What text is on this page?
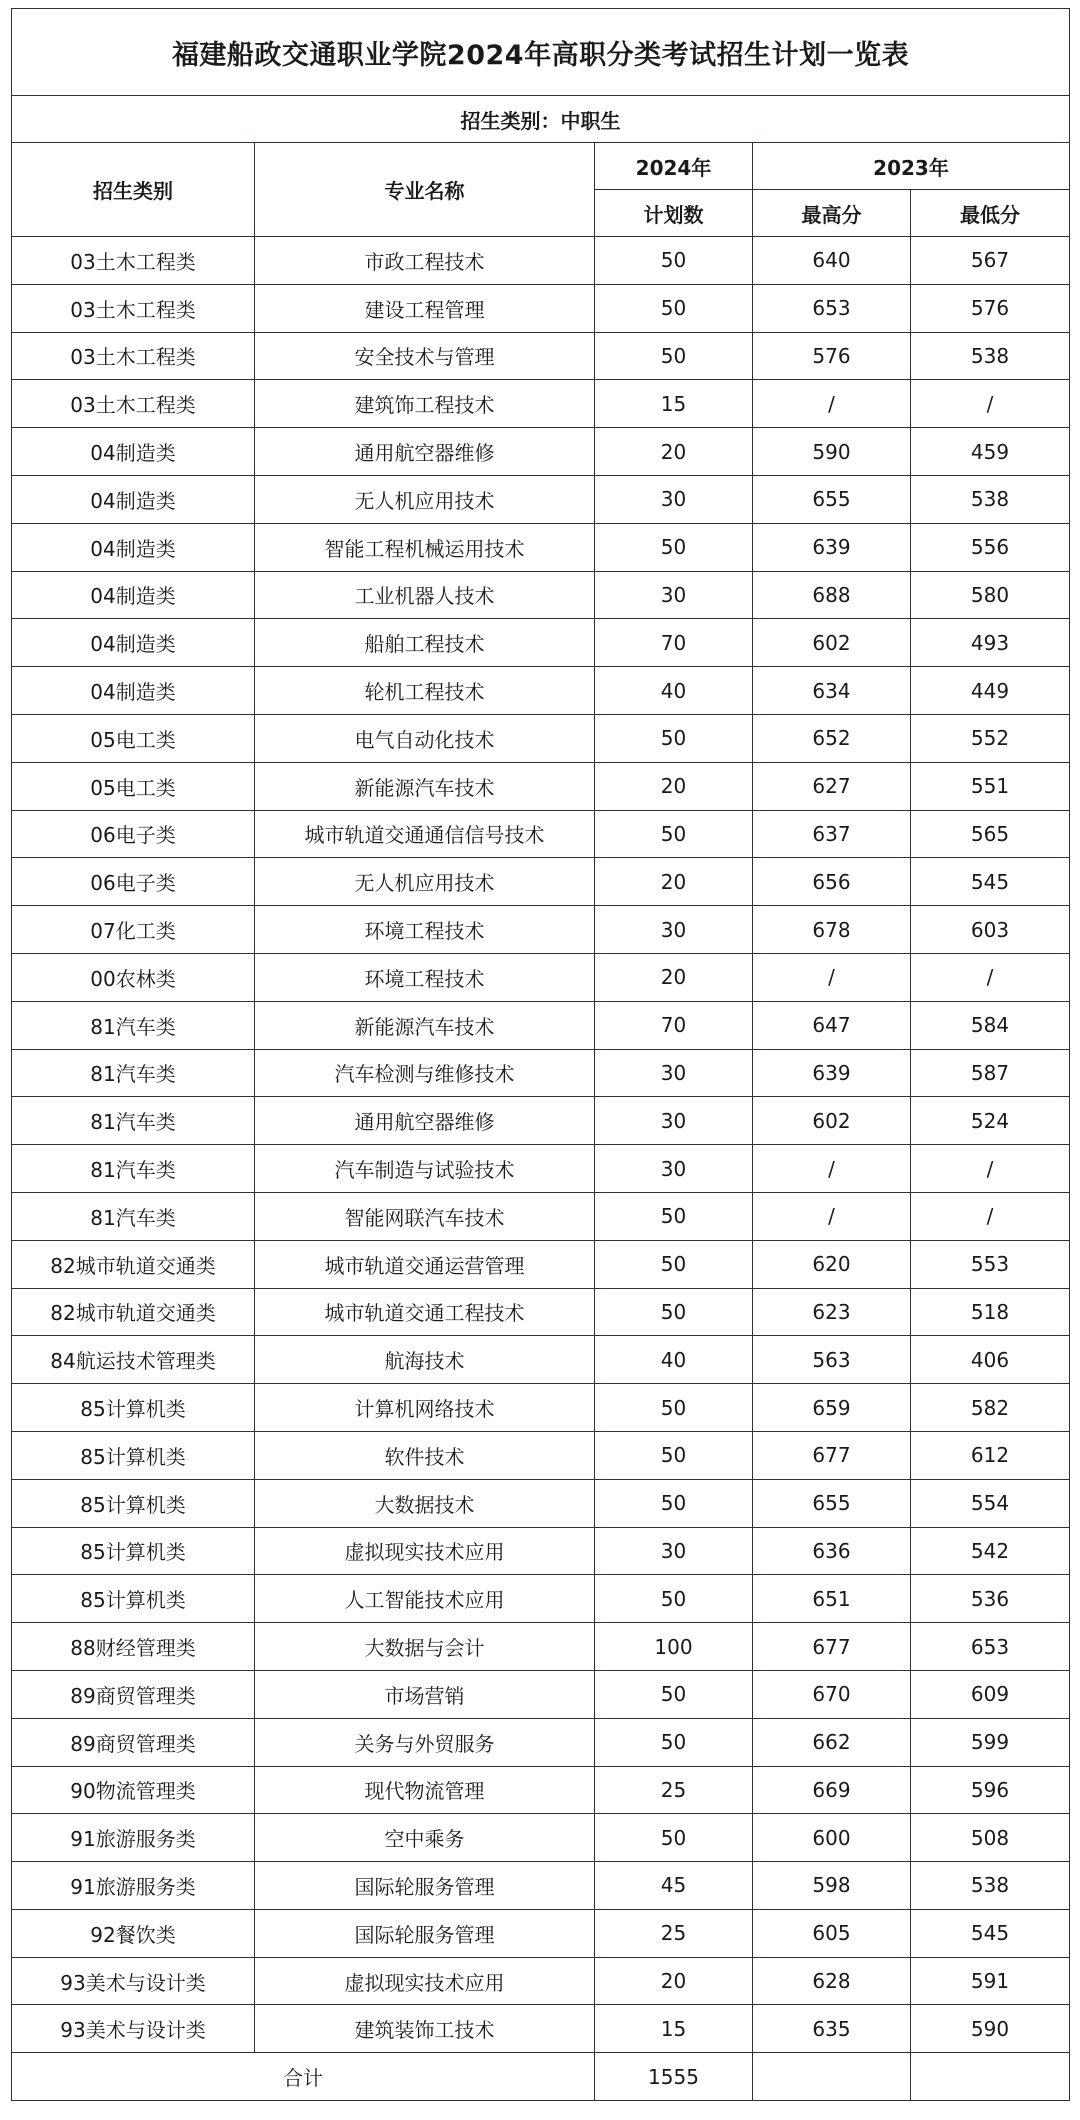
福建船政交通职业学院2024年高职分类考试招生计划一览表				
招生类别：中职生				
招生类别	专业名称	2024年	2023年	
		计划数	最高分	最低分
03土木工程类	市政工程技术	50	640	567
03土木工程类	建设工程管理	50	653	576
03土木工程类	安全技术与管理	50	576	538
03土木工程类	建筑饰工程技术	15	/	/
04制造类	通用航空器维修	20	590	459
04制造类	无人机应用技术	30	655	538
04制造类	智能工程机械运用技术	50	639	556
04制造类	工业机器人技术	30	688	580
04制造类	船舶工程技术	70	602	493
04制造类	轮机工程技术	40	634	449
05电工类	电气自动化技术	50	652	552
05电工类	新能源汽车技术	20	627	551
06电子类	城市轨道交通通信信号技术	50	637	565
06电子类	无人机应用技术	20	656	545
07化工类	环境工程技术	30	678	603
00农林类	环境工程技术	20	/	/
81汽车类	新能源汽车技术	70	647	584
81汽车类	汽车检测与维修技术	30	639	587
81汽车类	通用航空器维修	30	602	524
81汽车类	汽车制造与试验技术	30	/	/
81汽车类	智能网联汽车技术	50	/	/
82城市轨道交通类	城市轨道交通运营管理	50	620	553
82城市轨道交通类	城市轨道交通工程技术	50	623	518
84航运技术管理类	航海技术	40	563	406
85计算机类	计算机网络技术	50	659	582
85计算机类	软件技术	50	677	612
85计算机类	大数据技术	50	655	554
85计算机类	虚拟现实技术应用	30	636	542
85计算机类	人工智能技术应用	50	651	536
88财经管理类	大数据与会计	100	677	653
89商贸管理类	市场营销	50	670	609
89商贸管理类	关务与外贸服务	50	662	599
90物流管理类	现代物流管理	25	669	596
91旅游服务类	空中乘务	50	600	508
91旅游服务类	国际轮服务管理	45	598	538
92餐饮类	国际轮服务管理	25	605	545
93美术与设计类	虚拟现实技术应用	20	628	591
93美术与设计类	建筑装饰工技术	15	635	590
合计		1555		
